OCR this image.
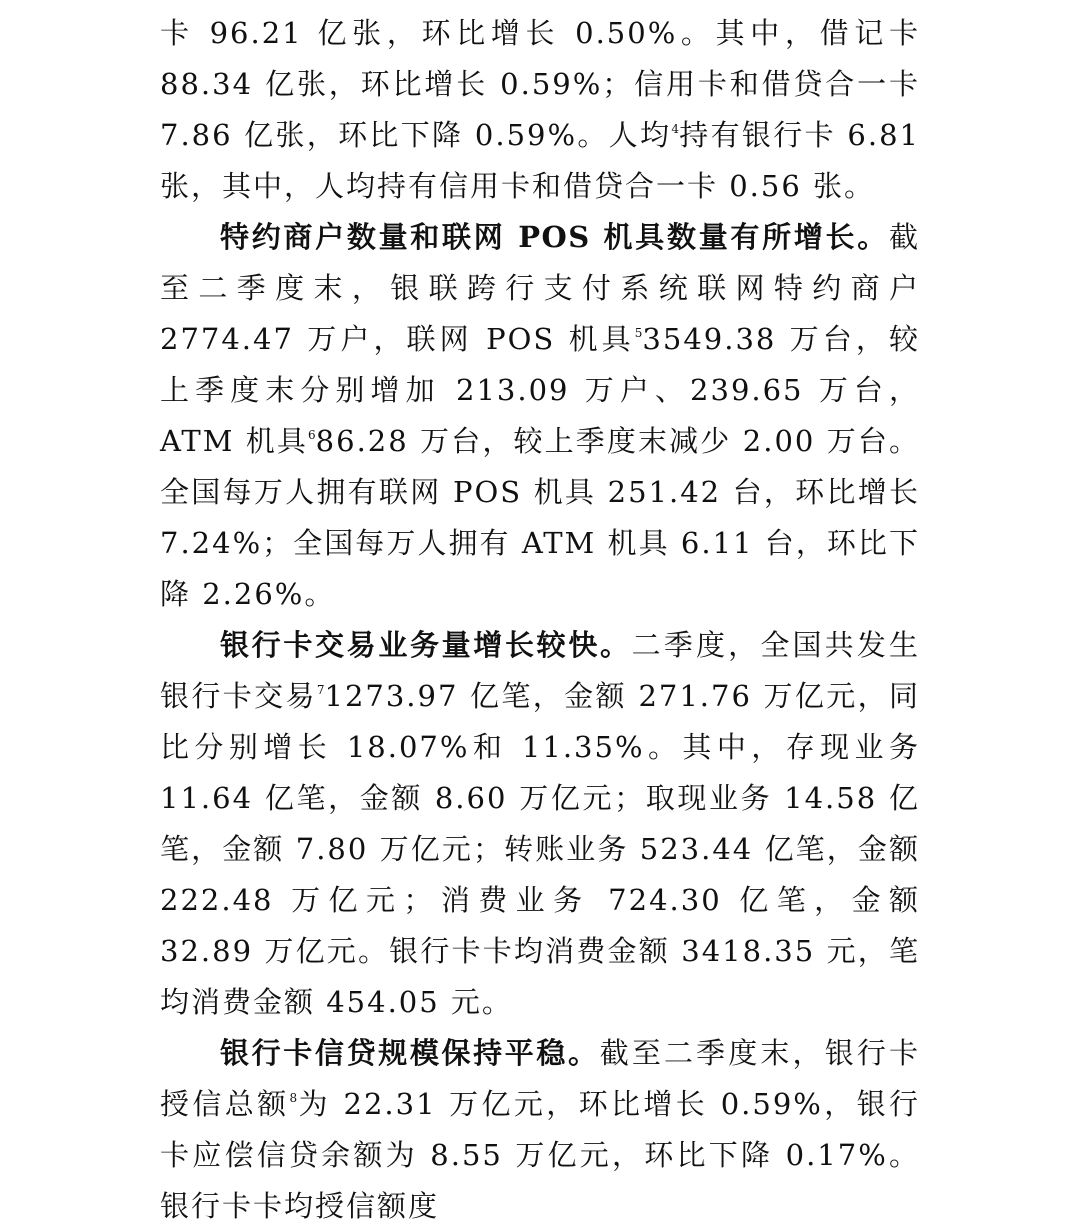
卡 96.21 亿张，环比增长 0.50%。其中，借记卡 88.34 亿张，环比增长 0.59%；信用卡和借贷合一卡 7.86 亿张，环比下降 0.59%。人均$^4$持有银行卡 6.81 张，其中，人均持有信用卡和借贷合一卡 0.56 张。

特约商户数量和联网 POS 机具数量有所增长。截至二季度末，银联跨行支付系统联网特约商户 2774.47 万户，联网 POS 机具$^5$3549.38 万台，较上季度末分别增加 213.09 万户、239.65 万台，ATM 机具$^6$86.28 万台，较上季度末减少 2.00 万台。全国每万人拥有联网 POS 机具 251.42 台，环比增长 7.24%；全国每万人拥有 ATM 机具 6.11 台，环比下降 2.26%。

银行卡交易业务量增长较快。二季度，全国共发生银行卡交易$^7$1273.97 亿笔，金额 271.76 万亿元，同比分别增长 18.07%和 11.35%。其中，存现业务 11.64 亿笔，金额 8.60 万亿元；取现业务 14.58 亿笔，金额 7.80 万亿元；转账业务 523.44 亿笔，金额 222.48 万亿元；消费业务 724.30 亿笔，金额 32.89 万亿元。银行卡卡均消费金额 3418.35 元，笔均消费金额 454.05 元。

银行卡信贷规模保持平稳。截至二季度末，银行卡授信总额$^8$为 22.31 万亿元，环比增长 0.59%，银行卡应偿信贷余额为 8.55 万亿元，环比下降 0.17%。银行卡卡均授信额度
